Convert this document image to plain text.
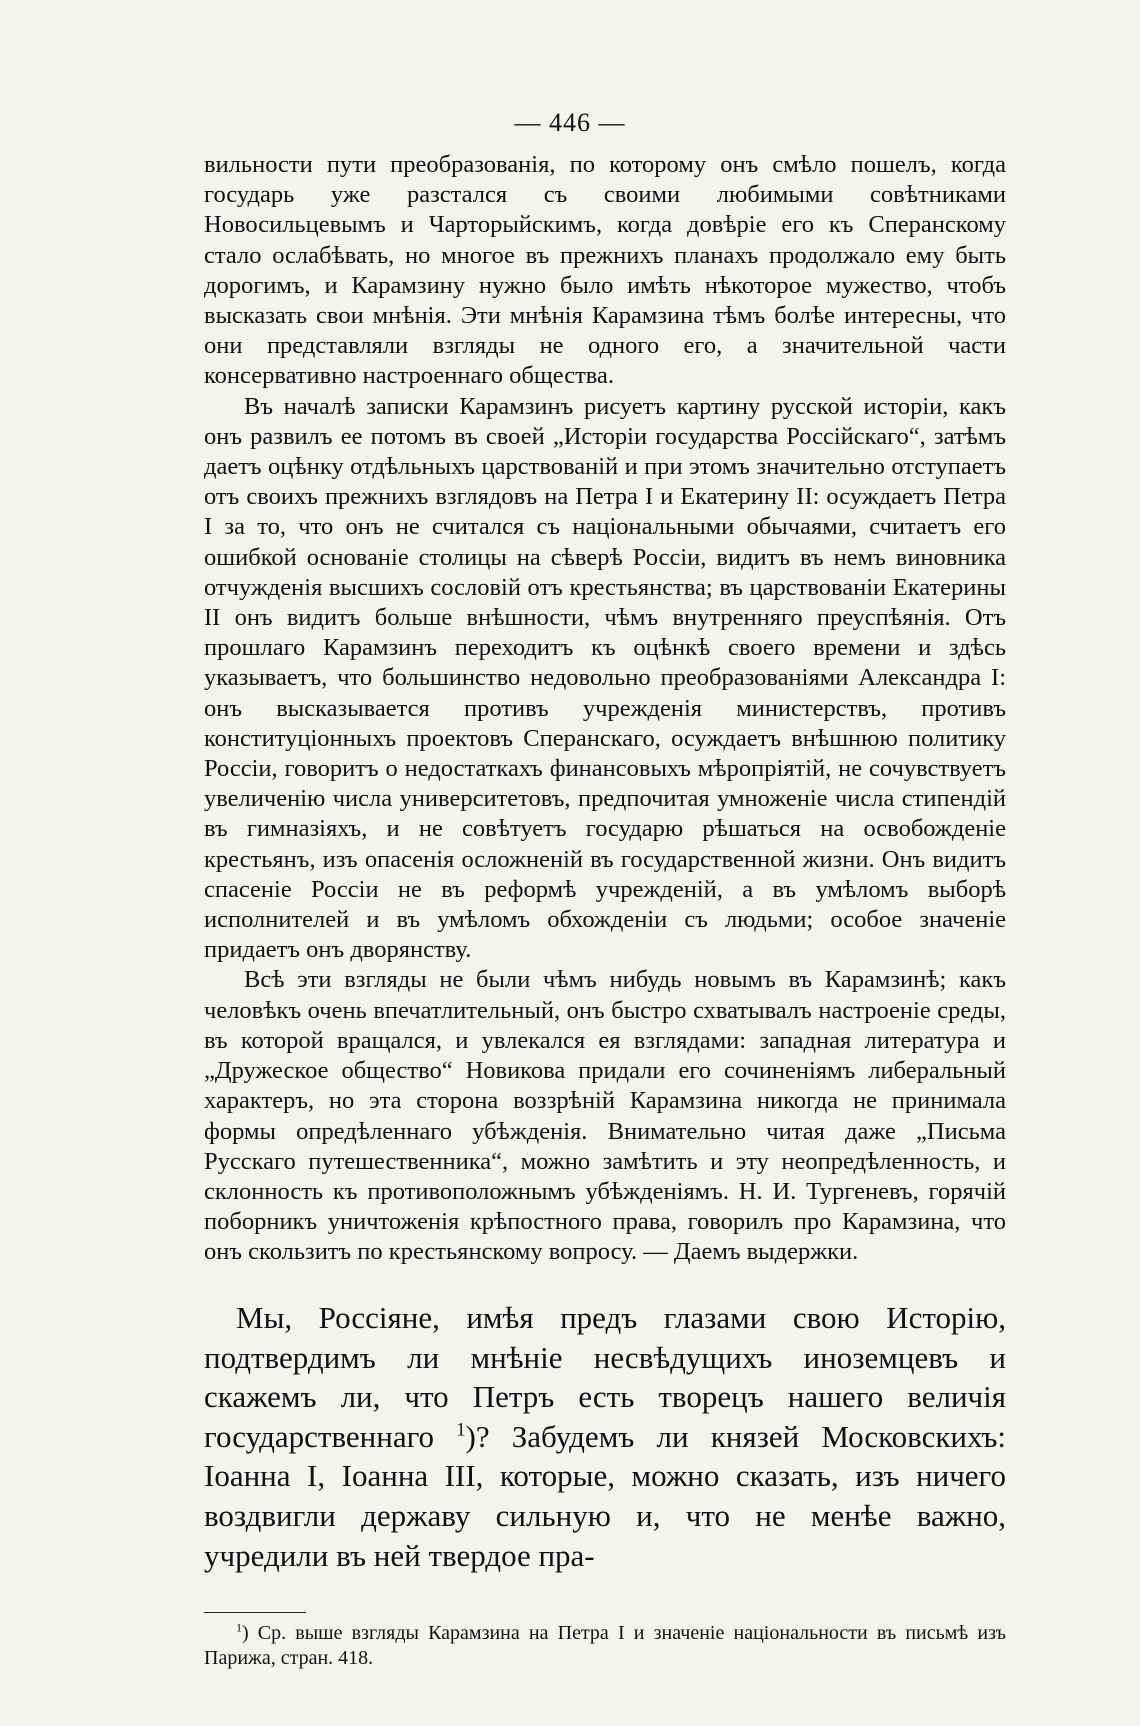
— 446 —

вильности пути преобразованія, по которому онъ смѣло пошелъ, когда государь уже разстался съ своими любимыми совѣтниками Новосильцевымъ и Чарторыйскимъ, когда довѣріе его къ Сперанскому стало ослабѣвать, но многое въ прежнихъ планахъ продолжало ему быть дорогимъ, и Карамзину нужно было имѣть нѣкоторое мужество, чтобъ высказать свои мнѣнія. Эти мнѣнія Карамзина тѣмъ болѣе интересны, что они представляли взгляды не одного его, а значительной части консервативно настроеннаго общества.

Въ началѣ записки Карамзинъ рисуетъ картину русской исторіи, какъ онъ развилъ ее потомъ въ своей „Исторіи государства Россійскаго“, затѣмъ даетъ оцѣнку отдѣльныхъ царствованій и при этомъ значительно отступаетъ отъ своихъ прежнихъ взглядовъ на Петра I и Екатерину II: осуждаетъ Петра I за то, что онъ не считался съ національными обычаями, считаетъ его ошибкой основаніе столицы на сѣверѣ Россіи, видитъ въ немъ виновника отчужденія высшихъ сословій отъ крестьянства; въ царствованіи Екатерины II онъ видитъ больше внѣшности, чѣмъ внутренняго преуспѣянія. Отъ прошлаго Карамзинъ переходитъ къ оцѣнкѣ своего времени и здѣсь указываетъ, что большинство недовольно преобразованіями Александра I: онъ высказывается противъ учрежденія министерствъ, противъ конституціонныхъ проектовъ Сперанскаго, осуждаетъ внѣшнюю политику Россіи, говоритъ о недостаткахъ финансовыхъ мѣропріятій, не сочувствуетъ увеличенію числа университетовъ, предпочитая умноженіе числа стипендій въ гимназіяхъ, и не совѣтуетъ государю рѣшаться на освобожденіе крестьянъ, изъ опасенія осложненій въ государственной жизни. Онъ видитъ спасеніе Россіи не въ реформѣ учрежденій, а въ умѣломъ выборѣ исполнителей и въ умѣломъ обхожденіи съ людьми; особое значеніе придаетъ онъ дворянству.

Всѣ эти взгляды не были чѣмъ нибудь новымъ въ Карамзинѣ; какъ человѣкъ очень впечатлительный, онъ быстро схватывалъ настроеніе среды, въ которой вращался, и увлекался ея взглядами: западная литература и „Дружеское общество“ Новикова придали его сочиненіямъ либеральный характеръ, но эта сторона воззрѣній Карамзина никогда не принимала формы опредѣленнаго убѣжденія. Внимательно читая даже „Письма Русскаго путешественника“, можно замѣтить и эту неопредѣленность, и склонность къ противоположнымъ убѣжденіямъ. Н. И. Тургеневъ, горячій поборникъ уничтоженія крѣпостного права, говорилъ про Карамзина, что онъ скользитъ по крестьянскому вопросу. — Даемъ выдержки.

Мы, Россіяне, имѣя предъ глазами свою Исторію, подтвердимъ ли мнѣніе несвѣдущихъ иноземцевъ и скажемъ ли, что Петръ есть творецъ нашего величія государственнаго $^1$)? Забудемъ ли князей Московскихъ: Іоанна I, Іоанна III, которые, можно сказать, изъ ничего воздвигли державу сильную и, что не менѣе важно, учредили въ ней твердое пра-
$^1$) Ср. выше взгляды Карамзина на Петра I и значеніе національности въ письмѣ изъ Парижа, стран. 418.
